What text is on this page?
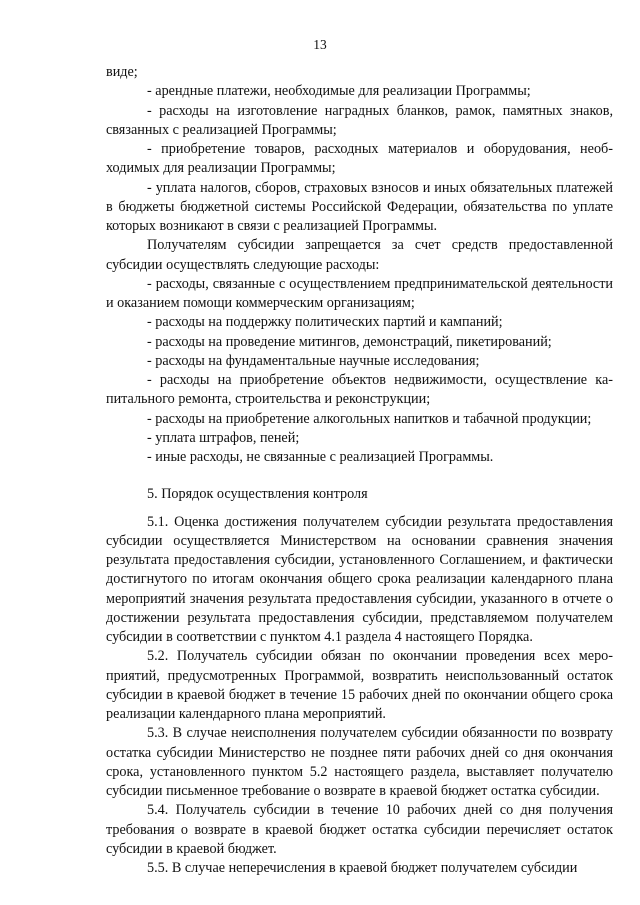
13

виде;

- арендные платежи, необходимые для реализации Программы;

- расходы на изготовление наградных бланков, рамок, памятных знаков, связанных с реализацией Программы;

- приобретение товаров, расходных материалов и оборудования, необходимых для реализации Программы;

- уплата налогов, сборов, страховых взносов и иных обязательных платежей в бюджеты бюджетной системы Российской Федерации, обязательства по уплате которых возникают в связи с реализацией Программы.

Получателям субсидии запрещается за счет средств предоставленной субсидии осуществлять следующие расходы:

- расходы, связанные с осуществлением предпринимательской деятельности и оказанием помощи коммерческим организациям;

- расходы на поддержку политических партий и кампаний;

- расходы на проведение митингов, демонстраций, пикетирований;

- расходы на фундаментальные научные исследования;

- расходы на приобретение объектов недвижимости, осуществление капитального ремонта, строительства и реконструкции;

- расходы на приобретение алкогольных напитков и табачной продукции;

- уплата штрафов, пеней;

- иные расходы, не связанные с реализацией Программы.

5. Порядок осуществления контроля

5.1. Оценка достижения получателем субсидии результата предоставления субсидии осуществляется Министерством на основании сравнения значения результата предоставления субсидии, установленного Соглашением, и фактически достигнутого по итогам окончания общего срока реализации календарного плана мероприятий значения результата предоставления субсидии, указанного в отчете о достижении результата предоставления субсидии, представляемом получателем субсидии в соответствии с пунктом 4.1 раздела 4 настоящего Порядка.

5.2. Получатель субсидии обязан по окончании проведения всех мероприятий, предусмотренных Программой, возвратить неиспользованный остаток субсидии в краевой бюджет в течение 15 рабочих дней по окончании общего срока реализации календарного плана мероприятий.

5.3. В случае неисполнения получателем субсидии обязанности по возврату остатка субсидии Министерство не позднее пяти рабочих дней со дня окончания срока, установленного пунктом 5.2 настоящего раздела, выставляет получателю субсидии письменное требование о возврате в краевой бюджет остатка субсидии.

5.4. Получатель субсидии в течение 10 рабочих дней со дня получения требования о возврате в краевой бюджет остатка субсидии перечисляет остаток субсидии в краевой бюджет.

5.5. В случае неперечисления в краевой бюджет получателем субсидии
